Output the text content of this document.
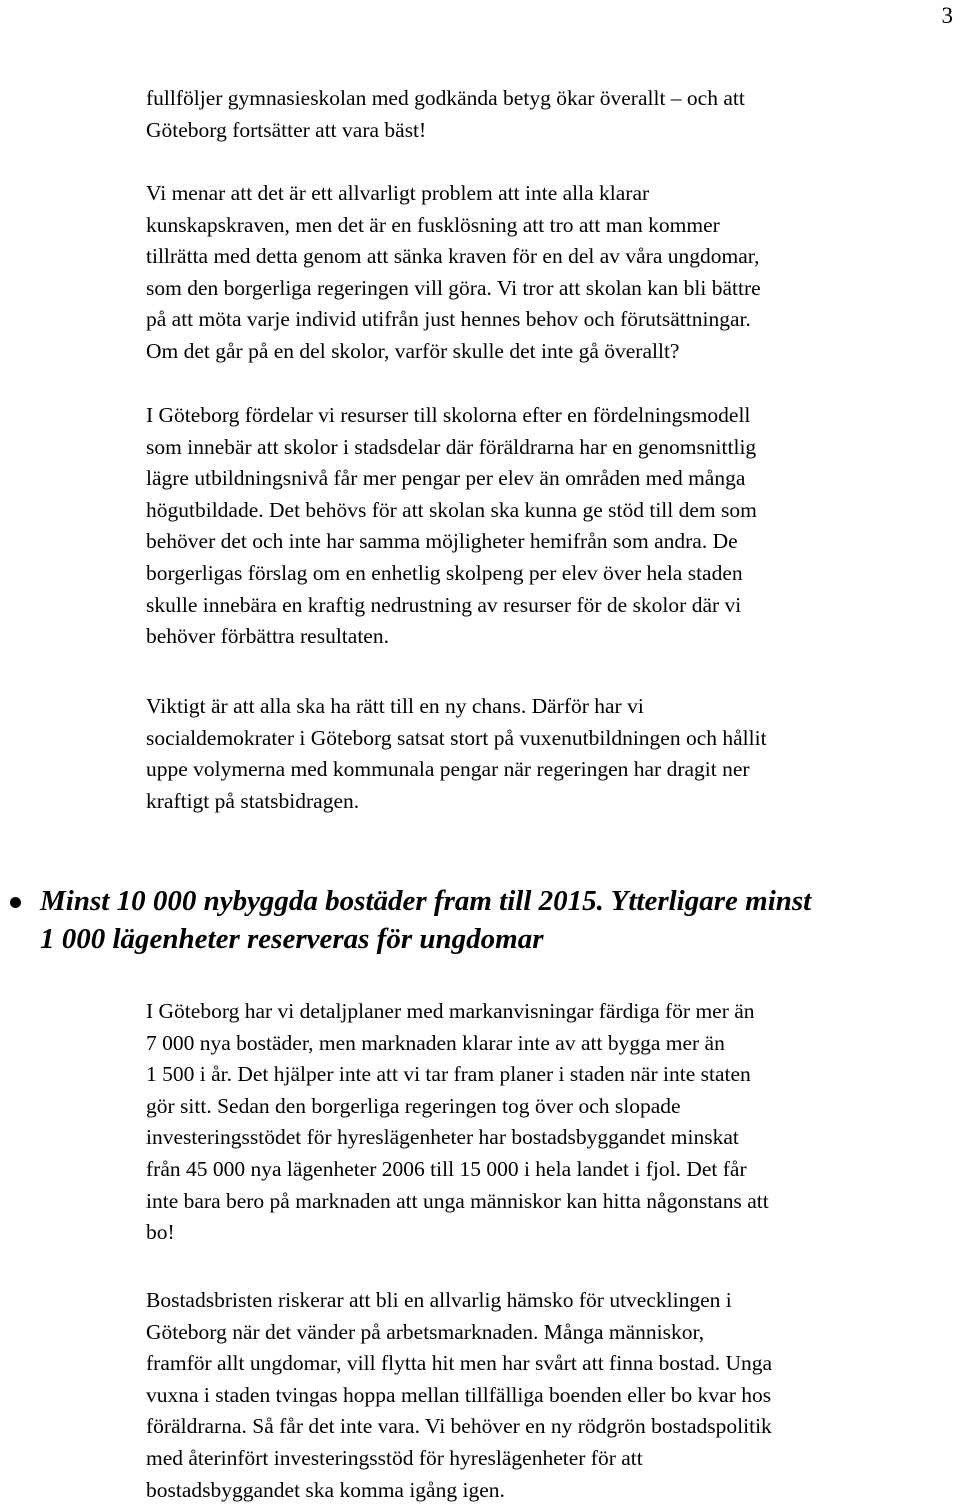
3

fullföljer gymnasieskolan med godkända betyg ökar överallt – och att
Göteborg fortsätter att vara bäst!

Vi menar att det är ett allvarligt problem att inte alla klarar
kunskapskraven, men det är en fusklösning att tro att man kommer
tillrätta med detta genom att sänka kraven för en del av våra ungdomar,
som den borgerliga regeringen vill göra. Vi tror att skolan kan bli bättre
på att möta varje individ utifrån just hennes behov och förutsättningar.
Om det går på en del skolor, varför skulle det inte gå överallt?

I Göteborg fördelar vi resurser till skolorna efter en fördelningsmodell
som innebär att skolor i stadsdelar där föräldrarna har en genomsnittlig
lägre utbildningsnivå får mer pengar per elev än områden med många
högutbildade. Det behövs för att skolan ska kunna ge stöd till dem som
behöver det och inte har samma möjligheter hemifrån som andra. De
borgerligas förslag om en enhetlig skolpeng per elev över hela staden
skulle innebära en kraftig nedrustning av resurser för de skolor där vi
behöver förbättra resultaten.

Viktigt är att alla ska ha rätt till en ny chans. Därför har vi
socialdemokrater i Göteborg satsat stort på vuxenutbildningen och hållit
uppe volymerna med kommunala pengar när regeringen har dragit ner
kraftigt på statsbidragen.

Minst 10 000 nybyggda bostäder fram till 2015. Ytterligare minst
1 000 lägenheter reserveras för ungdomar

I Göteborg har vi detaljplaner med markanvisningar färdiga för mer än
7 000 nya bostäder, men marknaden klarar inte av att bygga mer än
1 500 i år. Det hjälper inte att vi tar fram planer i staden när inte staten
gör sitt. Sedan den borgerliga regeringen tog över och slopade
investeringsstödet för hyreslägenheter har bostadsbyggandet minskat
från 45 000 nya lägenheter 2006 till 15 000 i hela landet i fjol. Det får
inte bara bero på marknaden att unga människor kan hitta någonstans att
bo!

Bostadsbristen riskerar att bli en allvarlig hämsko för utvecklingen i
Göteborg när det vänder på arbetsmarknaden. Många människor,
framför allt ungdomar, vill flytta hit men har svårt att finna bostad. Unga
vuxna i staden tvingas hoppa mellan tillfälliga boenden eller bo kvar hos
föräldrarna. Så får det inte vara. Vi behöver en ny rödgrön bostadspolitik
med återinfört investeringsstöd för hyreslägenheter för att
bostadsbyggandet ska komma igång igen.
